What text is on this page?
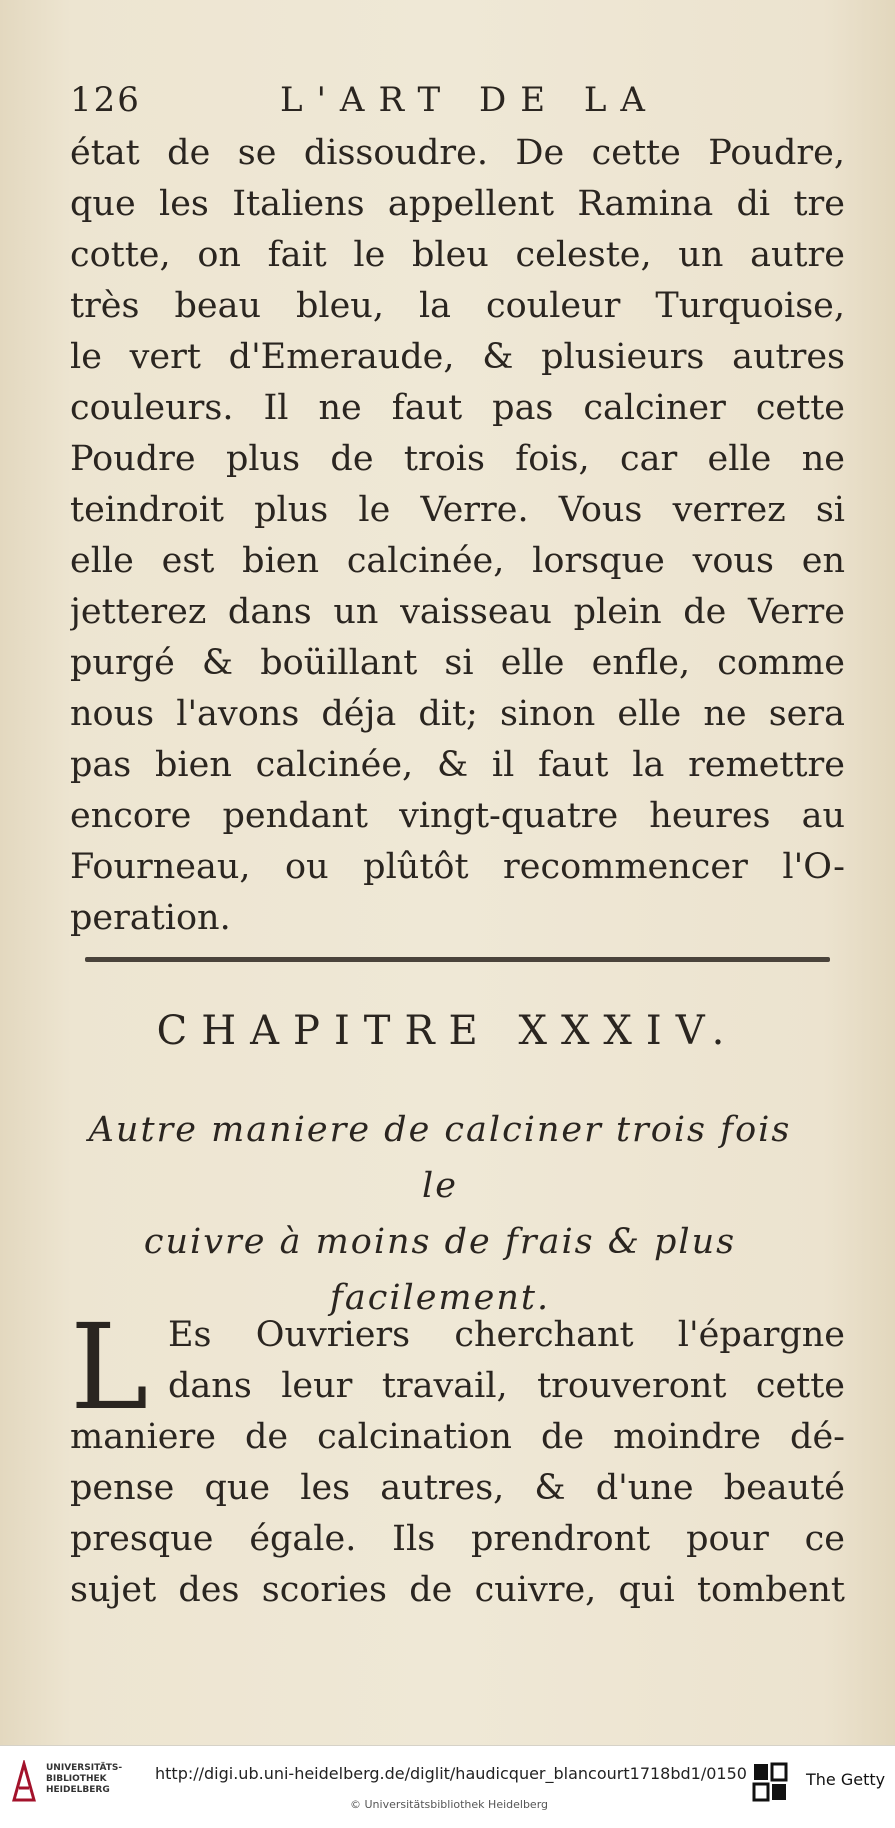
126	L'ART DE LA
état de se dissoudre. De cette Poudre,
que les Italiens appellent Ramina di tre
cotte, on fait le bleu celeste, un autre
très beau bleu, la couleur Turquoise,
le vert d'Emeraude, & plusieurs autres
couleurs. Il ne faut pas calciner cette
Poudre plus de trois fois, car elle ne
teindroit plus le Verre. Vous verrez si
elle est bien calcinée, lorsque vous en
jetterez dans un vaisseau plein de Verre
purgé & boüillant si elle enfle, comme
nous l'avons déja dit; sinon elle ne sera
pas bien calcinée, & il faut la remettre
encore pendant vingt-quatre heures au
Fourneau, ou plûtôt recommencer l'O-
peration.
CHAPITRE XXXIV.
Autre maniere de calciner trois fois le
cuivre à moins de frais & plus
facilement.
L Es Ouvriers cherchant l'épargne
dans leur travail, trouveront cette
maniere de calcination de moindre dé-
pense que les autres, & d'une beauté
presque égale. Ils prendront pour ce
sujet des scories de cuivre, qui tombent
UNIVERSITÄTS-
BIBLIOTHEK
HEIDELBERG
http://digi.ub.uni-heidelberg.de/diglit/haudicquer_blancourt1718bd1/0150
© Universitätsbibliothek Heidelberg
The Getty
